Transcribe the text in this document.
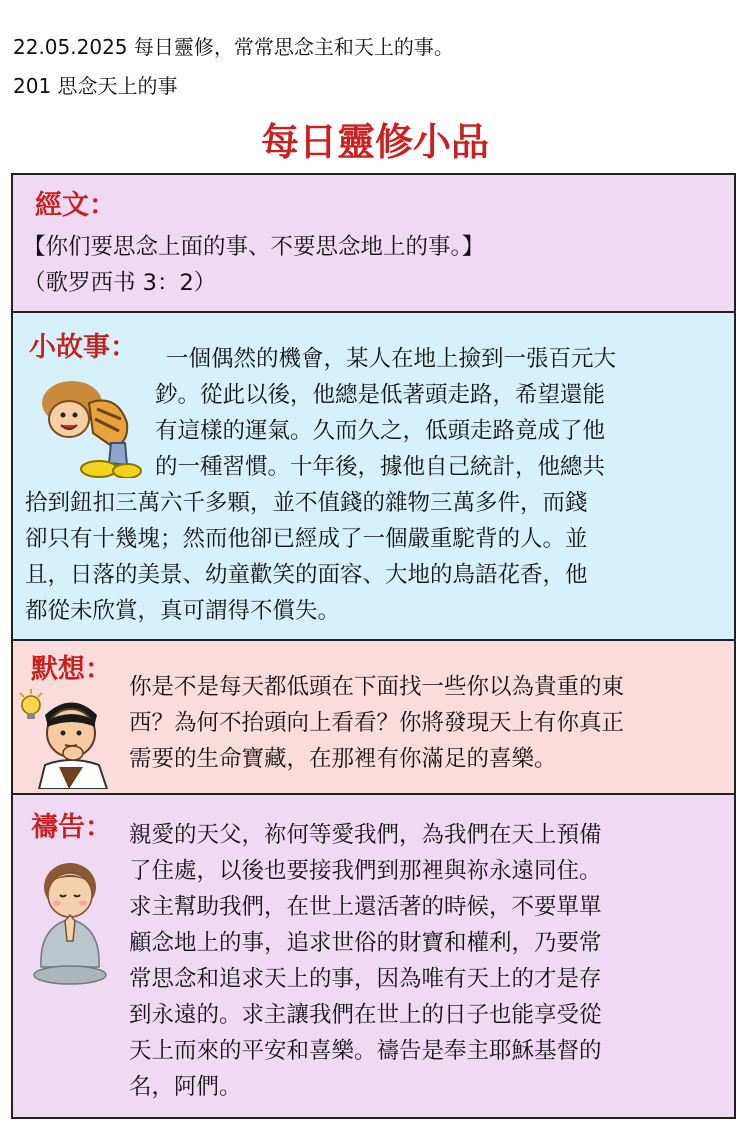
22.05.2025 每日靈修，常常思念主和天上的事。
201 思念天上的事
每日靈修小品
經文：
【你们要思念上面的事、不要思念地上的事。】
（歌罗西书 3：2）
小故事：	一個偶然的機會，某人在地上撿到一張百元大
鈔。從此以後，他總是低著頭走路，希望還能
有這樣的運氣。久而久之，低頭走路竟成了他
的一種習慣。十年後，據他自己統計，他總共
拾到鈕扣三萬六千多顆，並不值錢的雜物三萬多件，而錢
卻只有十幾塊；然而他卻已經成了一個嚴重駝背的人。並
且，日落的美景、幼童歡笑的面容、大地的鳥語花香，他
都從未欣賞，真可謂得不償失。
默想：
你是不是每天都低頭在下面找一些你以為貴重的東
西？為何不抬頭向上看看？你將發現天上有你真正
需要的生命寶藏，在那裡有你滿足的喜樂。
禱告： 親愛的天父，祢何等愛我們，為我們在天上預備
了住處，以後也要接我們到那裡與祢永遠同住。
求主幫助我們，在世上還活著的時候，不要單單
顧念地上的事，追求世俗的財寶和權利，乃要常
常思念和追求天上的事，因為唯有天上的才是存
到永遠的。求主讓我們在世上的日子也能享受從
天上而來的平安和喜樂。禱告是奉主耶穌基督的
名，阿們。
